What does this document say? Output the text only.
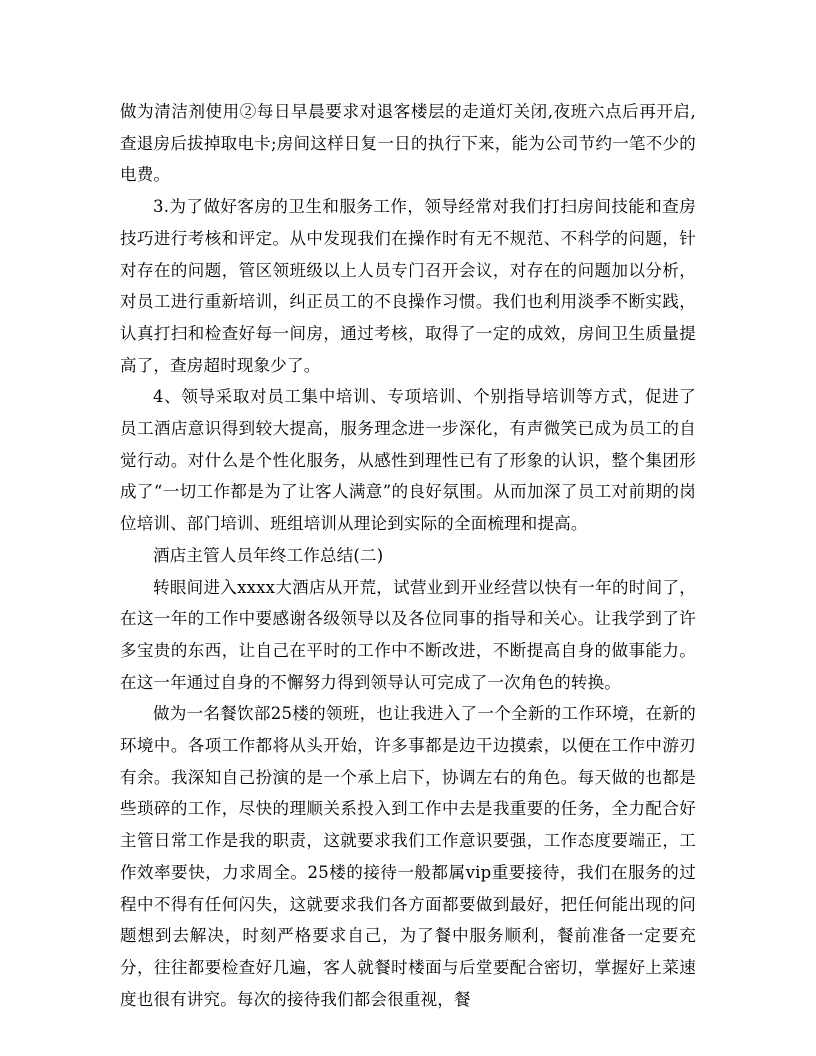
做为清洁剂使用②每日早晨要求对退客楼层的走道灯关闭,夜班六点后再开启,查退房后拔掉取电卡;房间这样日复一日的执行下来，能为公司节约一笔不少的电费。

3.为了做好客房的卫生和服务工作，领导经常对我们打扫房间技能和查房技巧进行考核和评定。从中发现我们在操作时有无不规范、不科学的问题，针对存在的问题，管区领班级以上人员专门召开会议，对存在的问题加以分析，对员工进行重新培训，纠正员工的不良操作习惯。我们也利用淡季不断实践，认真打扫和检查好每一间房，通过考核，取得了一定的成效，房间卫生质量提高了，查房超时现象少了。

4、领导采取对员工集中培训、专项培训、个别指导培训等方式，促进了员工酒店意识得到较大提高，服务理念进一步深化，有声微笑已成为员工的自觉行动。对什么是个性化服务，从感性到理性已有了形象的认识，整个集团形成了“一切工作都是为了让客人满意”的良好氛围。从而加深了员工对前期的岗位培训、部门培训、班组培训从理论到实际的全面梳理和提高。

酒店主管人员年终工作总结(二)

转眼间进入xxxx大酒店从开荒，试营业到开业经营以快有一年的时间了，在这一年的工作中要感谢各级领导以及各位同事的指导和关心。让我学到了许多宝贵的东西，让自己在平时的工作中不断改进，不断提高自身的做事能力。在这一年通过自身的不懈努力得到领导认可完成了一次角色的转换。

做为一名餐饮部25楼的领班，也让我进入了一个全新的工作环境，在新的环境中。各项工作都将从头开始，许多事都是边干边摸索，以便在工作中游刃有余。我深知自己扮演的是一个承上启下，协调左右的角色。每天做的也都是些琐碎的工作，尽快的理顺关系投入到工作中去是我重要的任务，全力配合好主管日常工作是我的职责，这就要求我们工作意识要强，工作态度要端正，工作效率要快，力求周全。25楼的接待一般都属vip重要接待，我们在服务的过程中不得有任何闪失，这就要求我们各方面都要做到最好，把任何能出现的问题想到去解决，时刻严格要求自己，为了餐中服务顺利，餐前准备一定要充分，往往都要检查好几遍，客人就餐时楼面与后堂要配合密切，掌握好上菜速度也很有讲究。每次的接待我们都会很重视，餐
